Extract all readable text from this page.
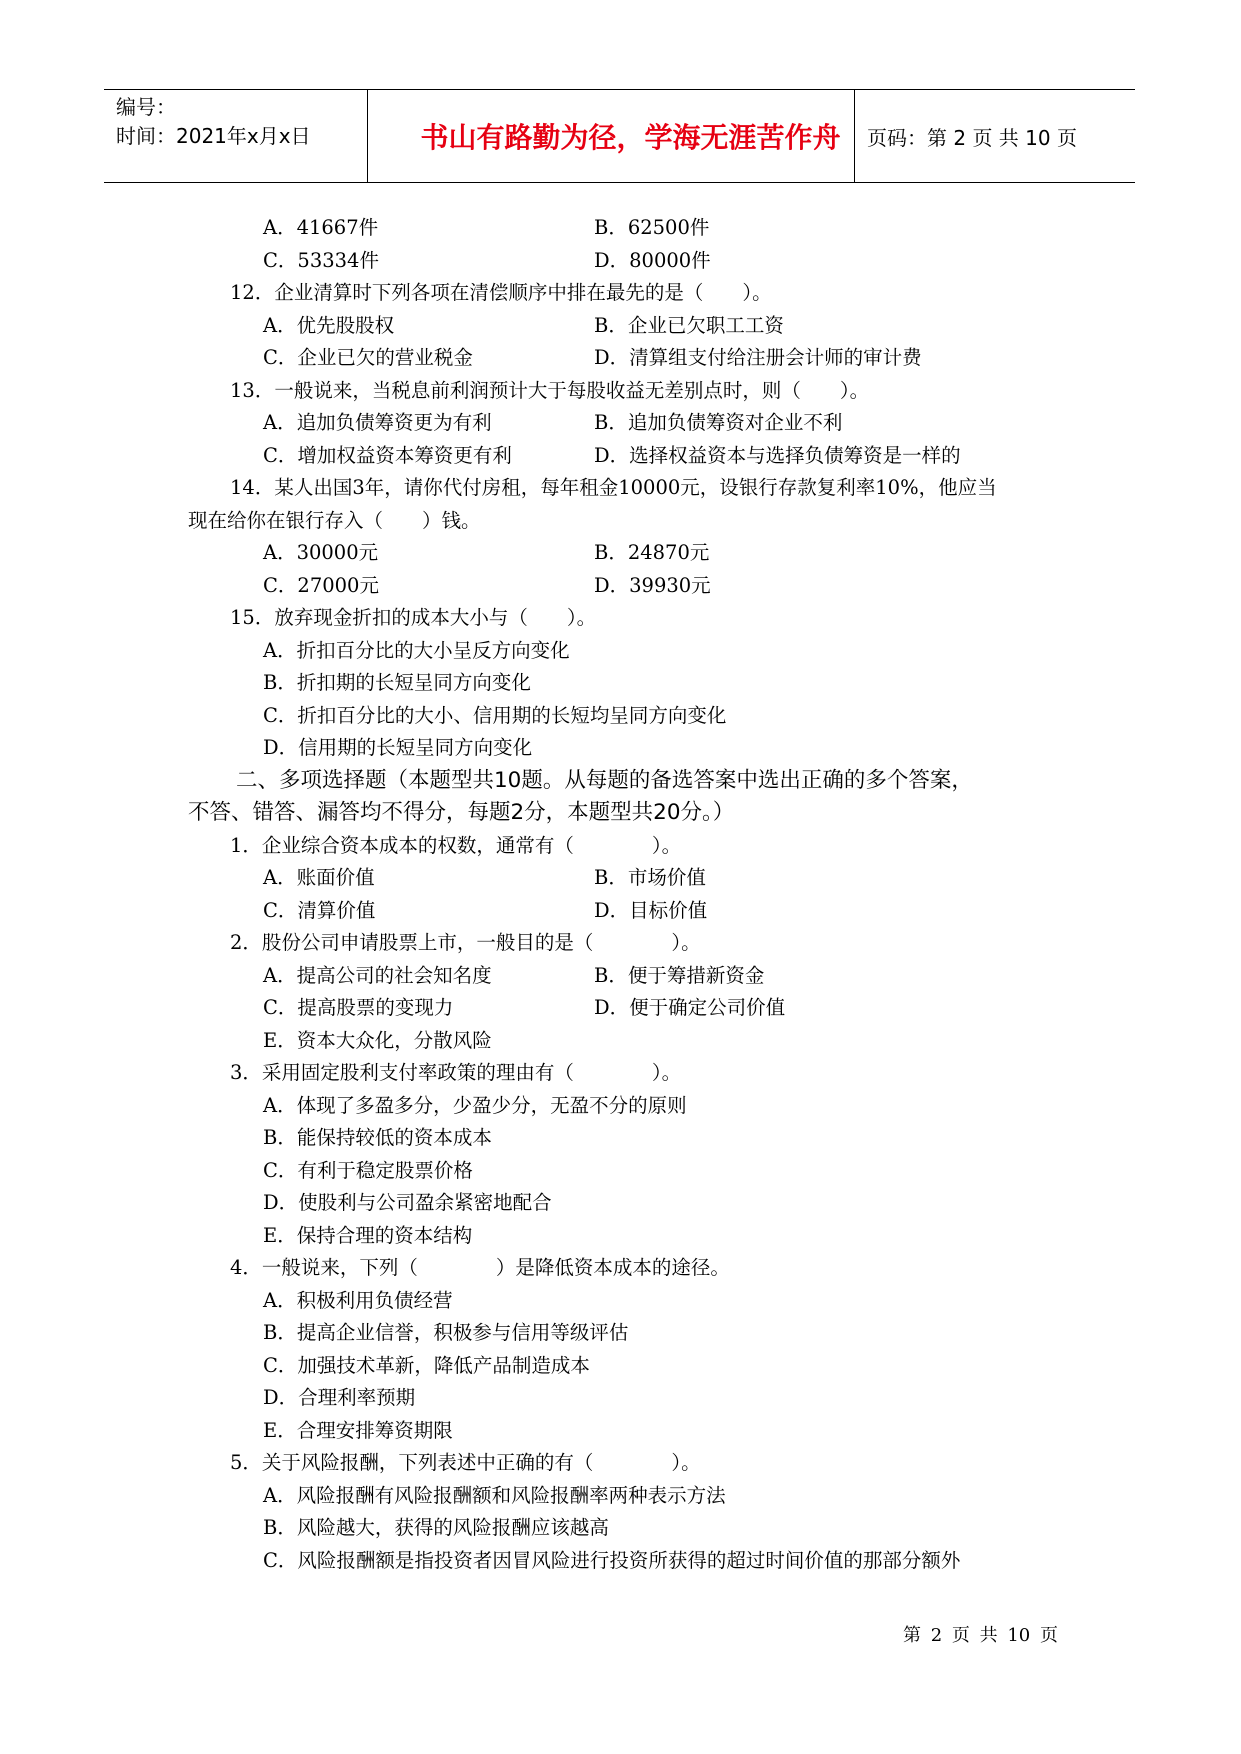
编号：
时间：2021年x月x日	书山有路勤为径，学海无涯苦作舟	页码：第 2 页 共 10 页
A．41667件	B．62500件
C．53334件	D．80000件
12．企业清算时下列各项在清偿顺序中排在最先的是（　　）。
A．优先股股权	B．企业已欠职工工资
C．企业已欠的营业税金	D．清算组支付给注册会计师的审计费
13．一般说来，当税息前利润预计大于每股收益无差别点时，则（　　）。
A．追加负债筹资更为有利	B．追加负债筹资对企业不利
C．增加权益资本筹资更有利	D．选择权益资本与选择负债筹资是一样的
14．某人出国3年，请你代付房租，每年租金10000元，设银行存款复利率10%，他应当
现在给你在银行存入（　　）钱。
A．30000元	B．24870元
C．27000元	D．39930元
15．放弃现金折扣的成本大小与（　　）。
A．折扣百分比的大小呈反方向变化
B．折扣期的长短呈同方向变化
C．折扣百分比的大小、信用期的长短均呈同方向变化
D．信用期的长短呈同方向变化
二、多项选择题（本题型共10题。从每题的备选答案中选出正确的多个答案，
不答、错答、漏答均不得分，每题2分，本题型共20分。）
1．企业综合资本成本的权数，通常有（　　　　）。
A．账面价值	B．市场价值
C．清算价值	D．目标价值
2．股份公司申请股票上市，一般目的是（　　　　）。
A．提高公司的社会知名度	B．便于筹措新资金
C．提高股票的变现力	D．便于确定公司价值
E．资本大众化，分散风险
3．采用固定股利支付率政策的理由有（　　　　）。
A．体现了多盈多分，少盈少分，无盈不分的原则
B．能保持较低的资本成本
C．有利于稳定股票价格
D．使股利与公司盈余紧密地配合
E．保持合理的资本结构
4．一般说来，下列（　　　　）是降低资本成本的途径。
A．积极利用负债经营
B．提高企业信誉，积极参与信用等级评估
C．加强技术革新，降低产品制造成本
D．合理利率预期
E．合理安排筹资期限
5．关于风险报酬，下列表述中正确的有（　　　　）。
A．风险报酬有风险报酬额和风险报酬率两种表示方法
B．风险越大，获得的风险报酬应该越高
C．风险报酬额是指投资者因冒风险进行投资所获得的超过时间价值的那部分额外
第 2 页 共 10 页
